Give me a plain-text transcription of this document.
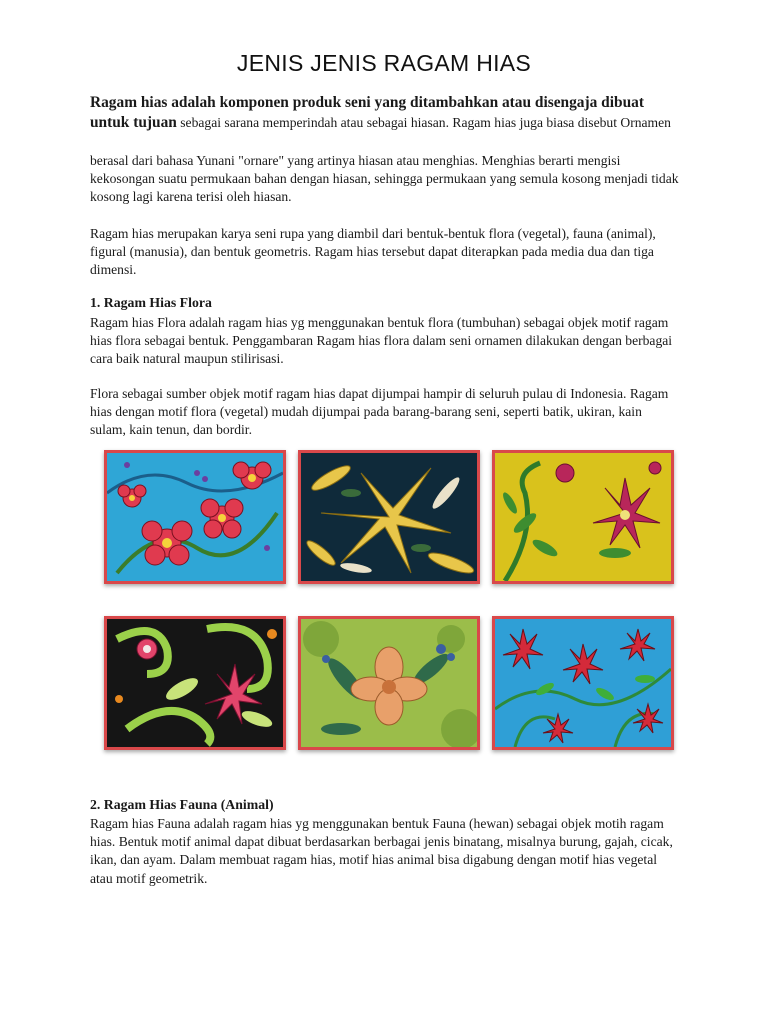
JENIS JENIS RAGAM HIAS
Ragam hias adalah komponen produk seni yang ditambahkan atau disengaja dibuat untuk tujuan sebagai sarana memperindah atau sebagai hiasan. Ragam hias juga biasa disebut Ornamen
berasal dari bahasa Yunani "ornare" yang artinya hiasan atau menghias. Menghias berarti mengisi kekosongan suatu permukaan bahan dengan hiasan, sehingga permukaan yang semula kosong menjadi tidak kosong lagi karena terisi oleh hiasan.
Ragam hias merupakan karya seni rupa yang diambil dari bentuk-bentuk flora (vegetal), fauna (animal), figural (manusia), dan bentuk geometris. Ragam hias tersebut dapat diterapkan pada media dua dan tiga dimensi.
1. Ragam Hias Flora
Ragam hias Flora adalah ragam hias yg menggunakan bentuk flora (tumbuhan) sebagai objek motif ragam hias flora sebagai bentuk. Penggambaran Ragam hias flora dalam seni ornamen dilakukan dengan berbagai cara baik natural maupun stilirisasi.
Flora sebagai sumber objek motif ragam hias dapat dijumpai hampir di seluruh pulau di Indonesia. Ragam hias dengan motif flora (vegetal) mudah dijumpai pada barang-barang seni, seperti batik, ukiran, kain sulam, kain tenun, dan bordir.
2. Ragam Hias Fauna (Animal)
Ragam hias Fauna adalah ragam hias yg menggunakan bentuk Fauna (hewan) sebagai objek motih ragam hias. Bentuk motif animal dapat dibuat berdasarkan berbagai jenis binatang, misalnya burung, gajah, cicak, ikan, dan ayam. Dalam membuat ragam hias, motif hias animal bisa digabung dengan motif hias vegetal atau motif geometrik.
